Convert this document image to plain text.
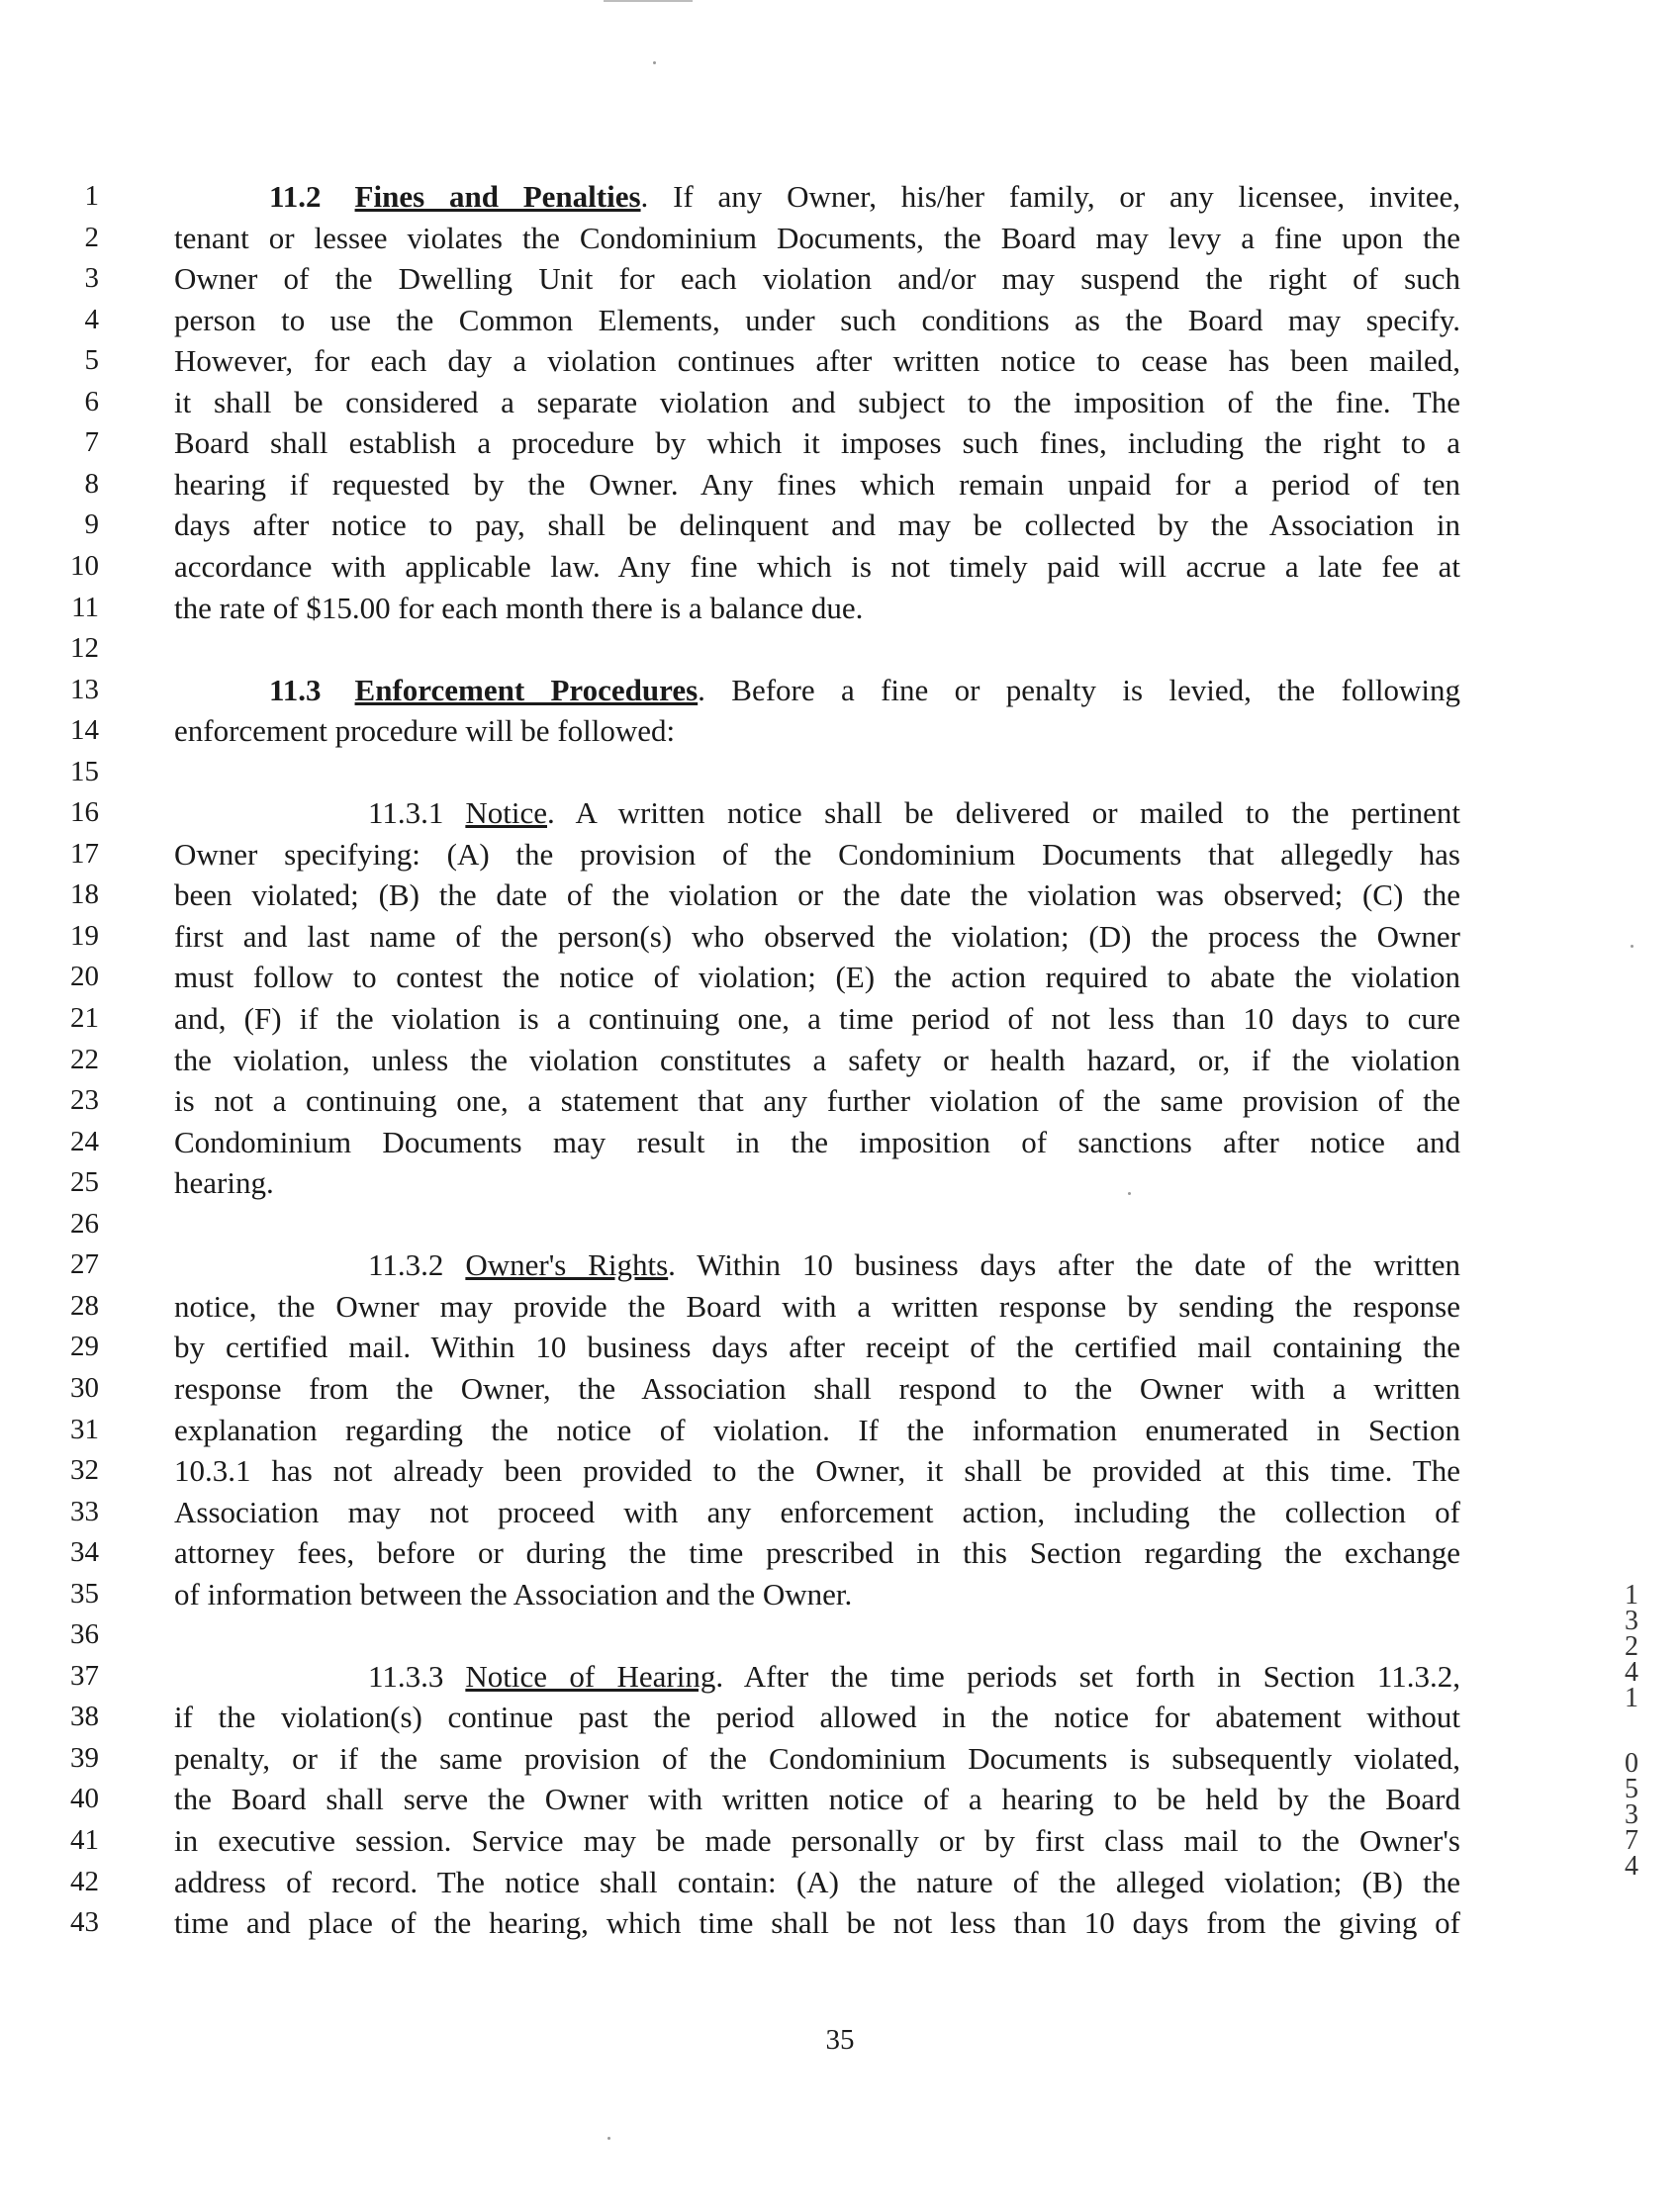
1	11.2 Fines and Penalties. If any Owner, his/her family, or any licensee, invitee,
2 tenant or lessee violates the Condominium Documents, the Board may levy a fine upon the
3 Owner of the Dwelling Unit for each violation and/or may suspend the right of such
4 person to use the Common Elements, under such conditions as the Board may specify.
5 However, for each day a violation continues after written notice to cease has been mailed,
6 it shall be considered a separate violation and subject to the imposition of the fine. The
7 Board shall establish a procedure by which it imposes such fines, including the right to a
8 hearing if requested by the Owner. Any fines which remain unpaid for a period of ten
9 days after notice to pay, shall be delinquent and may be collected by the Association in
10 accordance with applicable law. Any fine which is not timely paid will accrue a late fee at
11 the rate of $15.00 for each month there is a balance due.
12
13	11.3 Enforcement Procedures. Before a fine or penalty is levied, the following
14 enforcement procedure will be followed:
15
16	11.3.1 Notice. A written notice shall be delivered or mailed to the pertinent
17 Owner specifying: (A) the provision of the Condominium Documents that allegedly has
18 been violated; (B) the date of the violation or the date the violation was observed; (C) the
19 first and last name of the person(s) who observed the violation; (D) the process the Owner
20 must follow to contest the notice of violation; (E) the action required to abate the violation
21 and, (F) if the violation is a continuing one, a time period of not less than 10 days to cure
22 the violation, unless the violation constitutes a safety or health hazard, or, if the violation
23 is not a continuing one, a statement that any further violation of the same provision of the
24 Condominium Documents may result in the imposition of sanctions after notice and
25 hearing.
26
27	11.3.2 Owner's Rights. Within 10 business days after the date of the written
28 notice, the Owner may provide the Board with a written response by sending the response
29 by certified mail. Within 10 business days after receipt of the certified mail containing the
30 response from the Owner, the Association shall respond to the Owner with a written
31 explanation regarding the notice of violation. If the information enumerated in Section
32 10.3.1 has not already been provided to the Owner, it shall be provided at this time. The
33 Association may not proceed with any enforcement action, including the collection of
34 attorney fees, before or during the time prescribed in this Section regarding the exchange
35 of information between the Association and the Owner.
36
37	11.3.3 Notice of Hearing. After the time periods set forth in Section 11.3.2,
38 if the violation(s) continue past the period allowed in the notice for abatement without
39 penalty, or if the same provision of the Condominium Documents is subsequently violated,
40 the Board shall serve the Owner with written notice of a hearing to be held by the Board
41 in executive session. Service may be made personally or by first class mail to the Owner's
42 address of record. The notice shall contain: (A) the nature of the alleged violation; (B) the
43 time and place of the hearing, which time shall be not less than 10 days from the giving of
35
1
3
2
4
1
0
5
3
7
4
